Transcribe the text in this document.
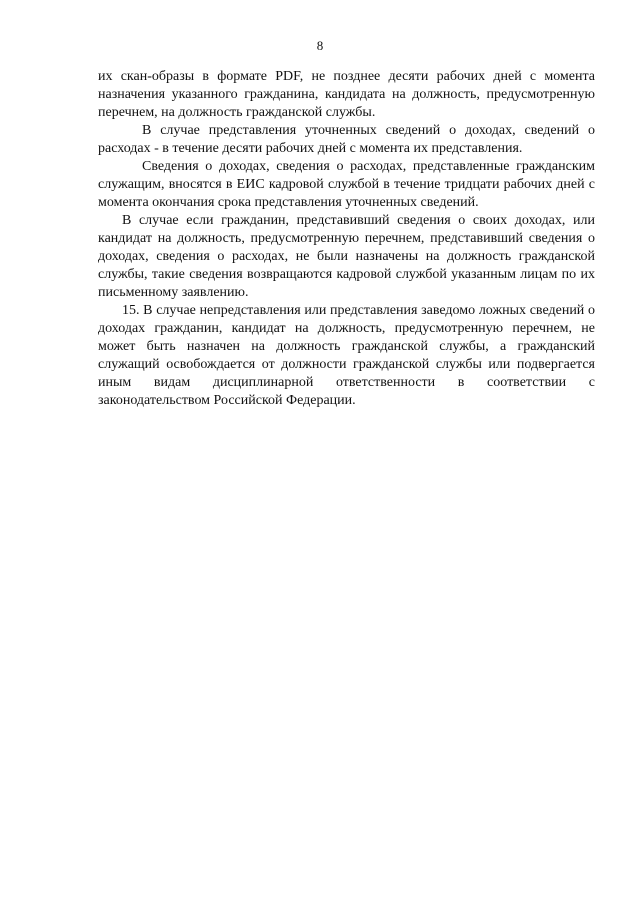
8

их скан-образы в формате PDF, не позднее десяти рабочих дней с момента назначения указанного гражданина, кандидата на должность, предусмотренную перечнем, на должность гражданской службы.

В случае представления уточненных сведений о доходах, сведений о расходах - в течение десяти рабочих дней с момента их представления.

Сведения о доходах, сведения о расходах, представленные гражданским служащим, вносятся в ЕИС кадровой службой в течение тридцати рабочих дней с момента окончания срока представления уточненных сведений.

В случае если гражданин, представивший сведения о своих доходах, или кандидат на должность, предусмотренную перечнем, представивший сведения о доходах, сведения о расходах, не были назначены на должность гражданской службы, такие сведения возвращаются кадровой службой указанным лицам по их письменному заявлению.

15. В случае непредставления или представления заведомо ложных сведений о доходах гражданин, кандидат на должность, предусмотренную перечнем, не может быть назначен на должность гражданской службы, а гражданский служащий освобождается от должности гражданской службы или подвергается иным видам дисциплинарной ответственности в соответствии с законодательством Российской Федерации.
